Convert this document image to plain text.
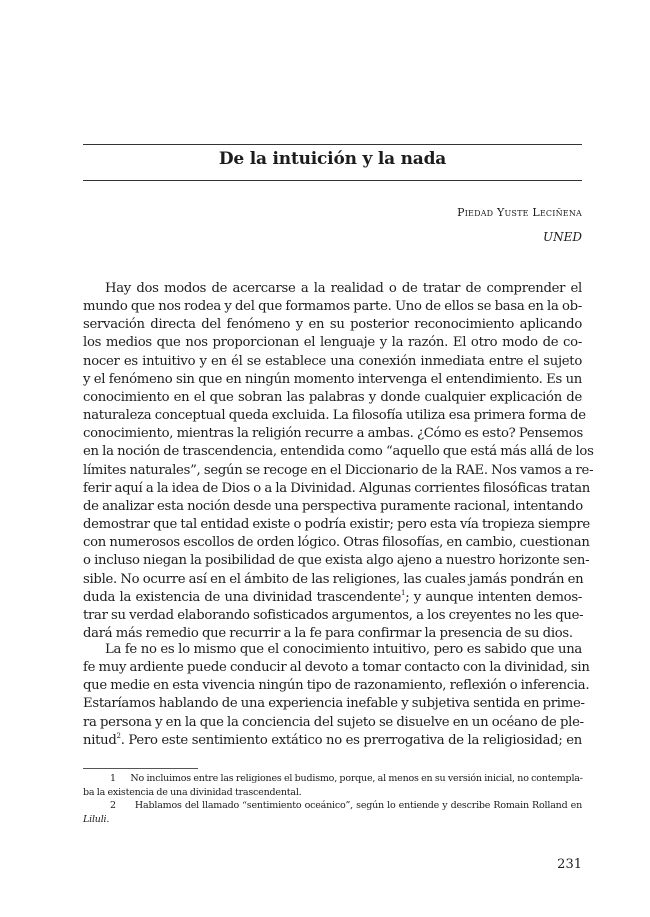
De la intuición y la nada
Piedad Yuste Leciñena
UNED

Hay dos modos de acercarse a la realidad o de tratar de comprender el
mundo que nos rodea y del que formamos parte. Uno de ellos se basa en la ob-
servación directa del fenómeno y en su posterior reconocimiento aplicando
los medios que nos proporcionan el lenguaje y la razón. El otro modo de co-
nocer es intuitivo y en él se establece una conexión inmediata entre el sujeto
y el fenómeno sin que en ningún momento intervenga el entendimiento. Es un
conocimiento en el que sobran las palabras y donde cualquier explicación de
naturaleza conceptual queda excluida. La filosofía utiliza esa primera forma de
conocimiento, mientras la religión recurre a ambas. ¿Cómo es esto? Pensemos
en la noción de trascendencia, entendida como “aquello que está más allá de los
límites naturales”, según se recoge en el Diccionario de la RAE. Nos vamos a re-
ferir aquí a la idea de Dios o a la Divinidad. Algunas corrientes filosóficas tratan
de analizar esta noción desde una perspectiva puramente racional, intentando
demostrar que tal entidad existe o podría existir; pero esta vía tropieza siempre
con numerosos escollos de orden lógico. Otras filosofías, en cambio, cuestionan
o incluso niegan la posibilidad de que exista algo ajeno a nuestro horizonte sen-
sible. No ocurre así en el ámbito de las religiones, las cuales jamás pondrán en
duda la existencia de una divinidad trascendente$^1$; y aunque intenten demos-
trar su verdad elaborando sofisticados argumentos, a los creyentes no les que-
dará más remedio que recurrir a la fe para confirmar la presencia de su dios.

La fe no es lo mismo que el conocimiento intuitivo, pero es sabido que una
fe muy ardiente puede conducir al devoto a tomar contacto con la divinidad, sin
que medie en esta vivencia ningún tipo de razonamiento, reflexión o inferencia.
Estaríamos hablando de una experiencia inefable y subjetiva sentida en prime-
ra persona y en la que la conciencia del sujeto se disuelve en un océano de ple-
nitud$^2$. Pero este sentimiento extático no es prerrogativa de la religiosidad; en

1 No incluimos entre las religiones el budismo, porque, al menos en su versión inicial, no contempla-
ba la existencia de una divinidad trascendental.

2 Hablamos del llamado “sentimiento oceánico”, según lo entiende y describe Romain Rolland en
Liluli.

231
